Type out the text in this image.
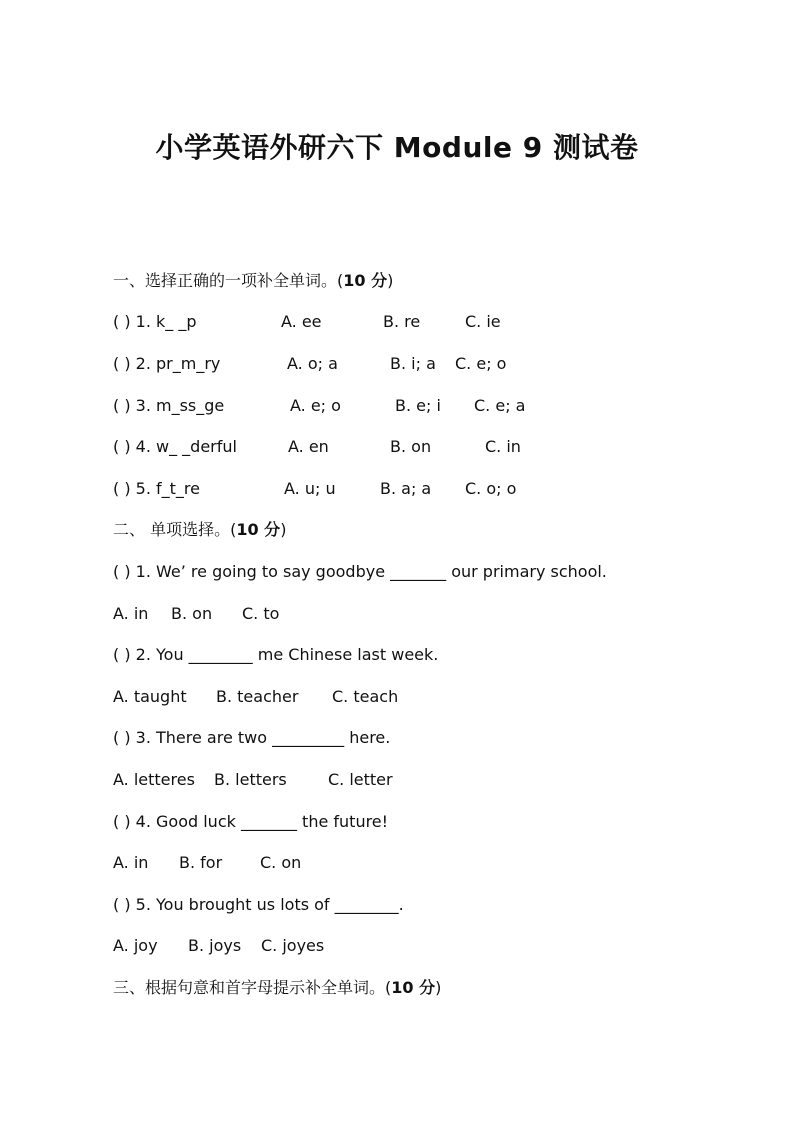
小学英语外研六下 Module 9 测试卷
一、选择正确的一项补全单词。(10 分)
( ) 1. k_ _p	A. ee	B. re	C. ie
( ) 2. pr_m_ry	A. o; a	B. i; a C. e; o
( ) 3. m_ss_ge	A. e; o	B. e; i C. e; a
( ) 4. w_ _derful	A. en	B. on	C. in
( ) 5. f_t_re	A. u; u	B. a; a C. o; o
二、 单项选择。(10 分)
( ) 1. We’ re going to say goodbye _______ our primary school.
A. in B. on C. to
( ) 2. You ________ me Chinese last week.
A. taught B. teacher C. teach
( ) 3. There are two _________ here.
A. letteres B. letters	C. letter
( ) 4. Good luck _______ the future!
A. in B. for C. on
( ) 5. You brought us lots of ________.
A. joy B. joys C. joyes
三、根据句意和首字母提示补全单词。(10 分)
